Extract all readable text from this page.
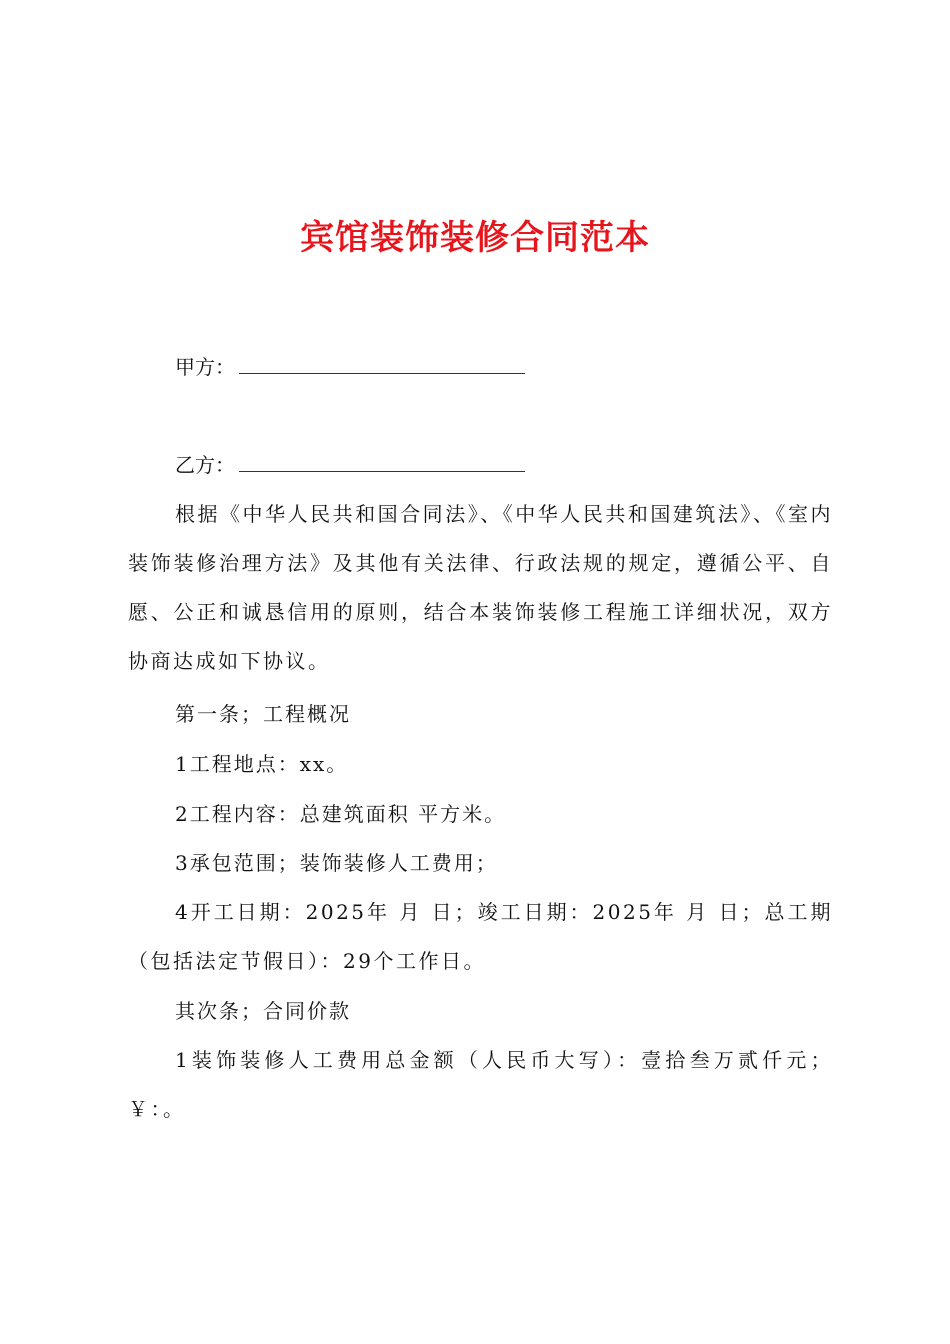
宾馆装饰装修合同范本
甲方：
乙方：

根据《中华人民共和国合同法》、《中华人民共和国建筑法》、《室内装饰装修治理方法》及其他有关法律、行政法规的规定，遵循公平、自愿、公正和诚恳信用的原则，结合本装饰装修工程施工详细状况，双方协商达成如下协议。

第一条；工程概况

1工程地点：xx。

2工程内容：总建筑面积 平方米。

3承包范围；装饰装修人工费用；

4开工日期：2025年 月 日；竣工日期：2025年 月 日；总工期（包括法定节假日）：29个工作日。

其次条；合同价款

1装饰装修人工费用总金额（人民币大写）：壹拾叁万贰仟元；￥：。
